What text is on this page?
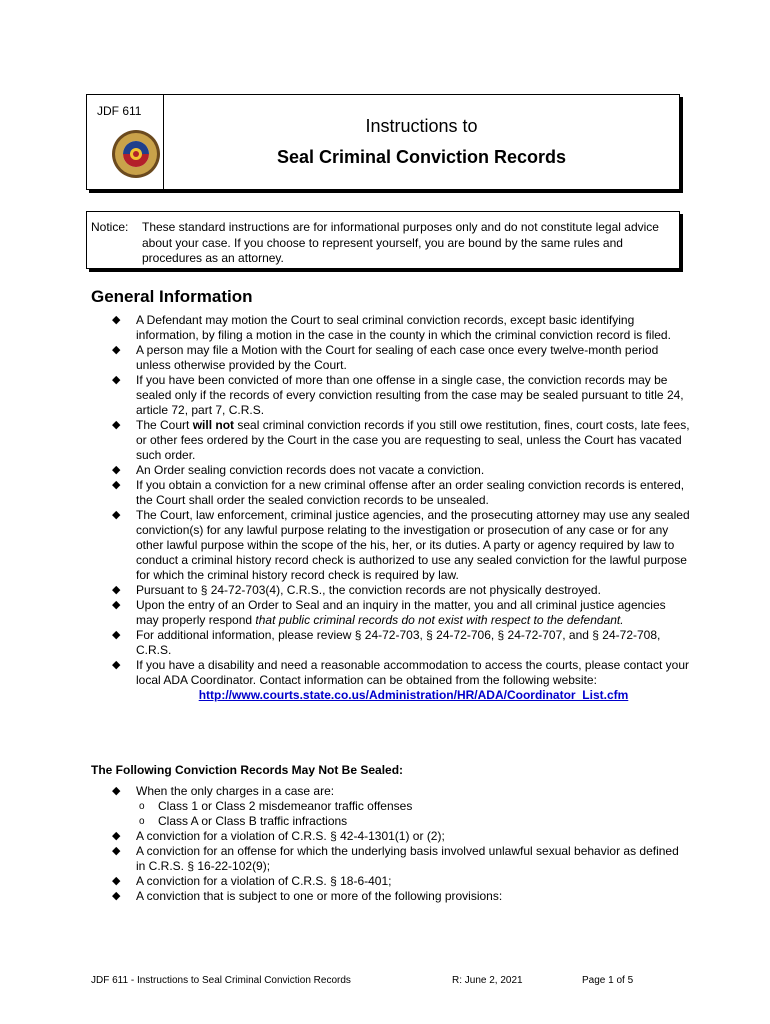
JDF 611
Instructions to
Seal Criminal Conviction Records
Notice: These standard instructions are for informational purposes only and do not constitute legal advice about your case. If you choose to represent yourself, you are bound by the same rules and procedures as an attorney.
General Information
◆ A Defendant may motion the Court to seal criminal conviction records, except basic identifying information, by filing a motion in the case in the county in which the criminal conviction record is filed.
◆ A person may file a Motion with the Court for sealing of each case once every twelve-month period unless otherwise provided by the Court.
◆ If you have been convicted of more than one offense in a single case, the conviction records may be sealed only if the records of every conviction resulting from the case may be sealed pursuant to title 24, article 72, part 7, C.R.S.
◆ The Court will not seal criminal conviction records if you still owe restitution, fines, court costs, late fees, or other fees ordered by the Court in the case you are requesting to seal, unless the Court has vacated such order.
◆ An Order sealing conviction records does not vacate a conviction.
◆ If you obtain a conviction for a new criminal offense after an order sealing conviction records is entered, the Court shall order the sealed conviction records to be unsealed.
◆ The Court, law enforcement, criminal justice agencies, and the prosecuting attorney may use any sealed conviction(s) for any lawful purpose relating to the investigation or prosecution of any case or for any other lawful purpose within the scope of the his, her, or its duties. A party or agency required by law to conduct a criminal history record check is authorized to use any sealed conviction for the lawful purpose for which the criminal history record check is required by law.
◆ Pursuant to § 24-72-703(4), C.R.S., the conviction records are not physically destroyed.
◆ Upon the entry of an Order to Seal and an inquiry in the matter, you and all criminal justice agencies may properly respond that public criminal records do not exist with respect to the defendant.
◆ For additional information, please review § 24-72-703, § 24-72-706, § 24-72-707, and § 24-72-708, C.R.S.
◆ If you have a disability and need a reasonable accommodation to access the courts, please contact your local ADA Coordinator. Contact information can be obtained from the following website:
http://www.courts.state.co.us/Administration/HR/ADA/Coordinator_List.cfm
The Following Conviction Records May Not Be Sealed:
◆ When the only charges in a case are:
o Class 1 or Class 2 misdemeanor traffic offenses
o Class A or Class B traffic infractions
◆ A conviction for a violation of C.R.S. § 42-4-1301(1) or (2);
◆ A conviction for an offense for which the underlying basis involved unlawful sexual behavior as defined in C.R.S. § 16-22-102(9);
◆ A conviction for a violation of C.R.S. § 18-6-401;
◆ A conviction that is subject to one or more of the following provisions:
JDF 611 - Instructions to Seal Criminal Conviction Records	R: June 2, 2021	Page 1 of 5
